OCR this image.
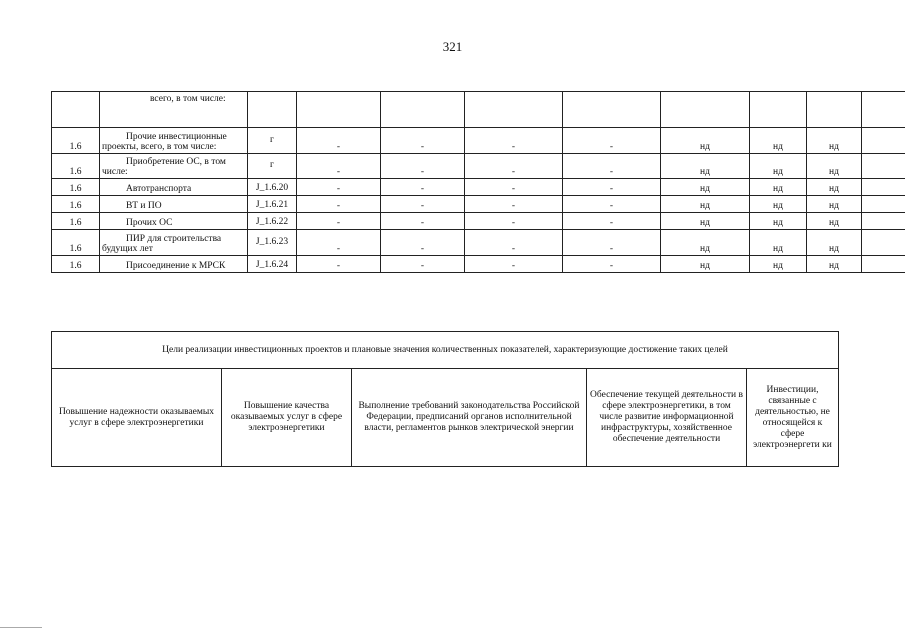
321
	всего, в том числе:									
1.6	Прочие инвестиционные
проекты, всего, в том числе:	г	-	-	-	-	нд	нд	нд	
1.6	Приобретение ОС, в том
числе:	г	-	-	-	-	нд	нд	нд	
1.6	Автотранспорта	J_1.6.20	-	-	-	-	нд	нд	нд	
1.6	ВТ и ПО	J_1.6.21	-	-	-	-	нд	нд	нд	
1.6	Прочих ОС	J_1.6.22	-	-	-	-	нд	нд	нд	
1.6	ПИР для строительства
будущих лет	J_1.6.23	-	-	-	-	нд	нд	нд	
1.6	Присоединение к МРСК	J_1.6.24	-	-	-	-	нд	нд	нд	
Цели реализации инвестиционных проектов и плановые значения количественных показателей, характеризующие достижение таких целей
Повышение надежности оказываемых услуг в сфере электроэнергетики	Повышение качества оказываемых услуг в сфере электроэнергетики	Выполнение требований законодательства Российской Федерации, предписаний органов исполнительной власти, регламентов рынков электрической энергии	Обеспечение текущей деятельности в сфере электроэнергетики, в том числе развитие информационной инфраструктуры, хозяйственное обеспечение деятельности	Инвестиции, связанные с деятельностью, не относящейся к сфере электроэнергети ки
